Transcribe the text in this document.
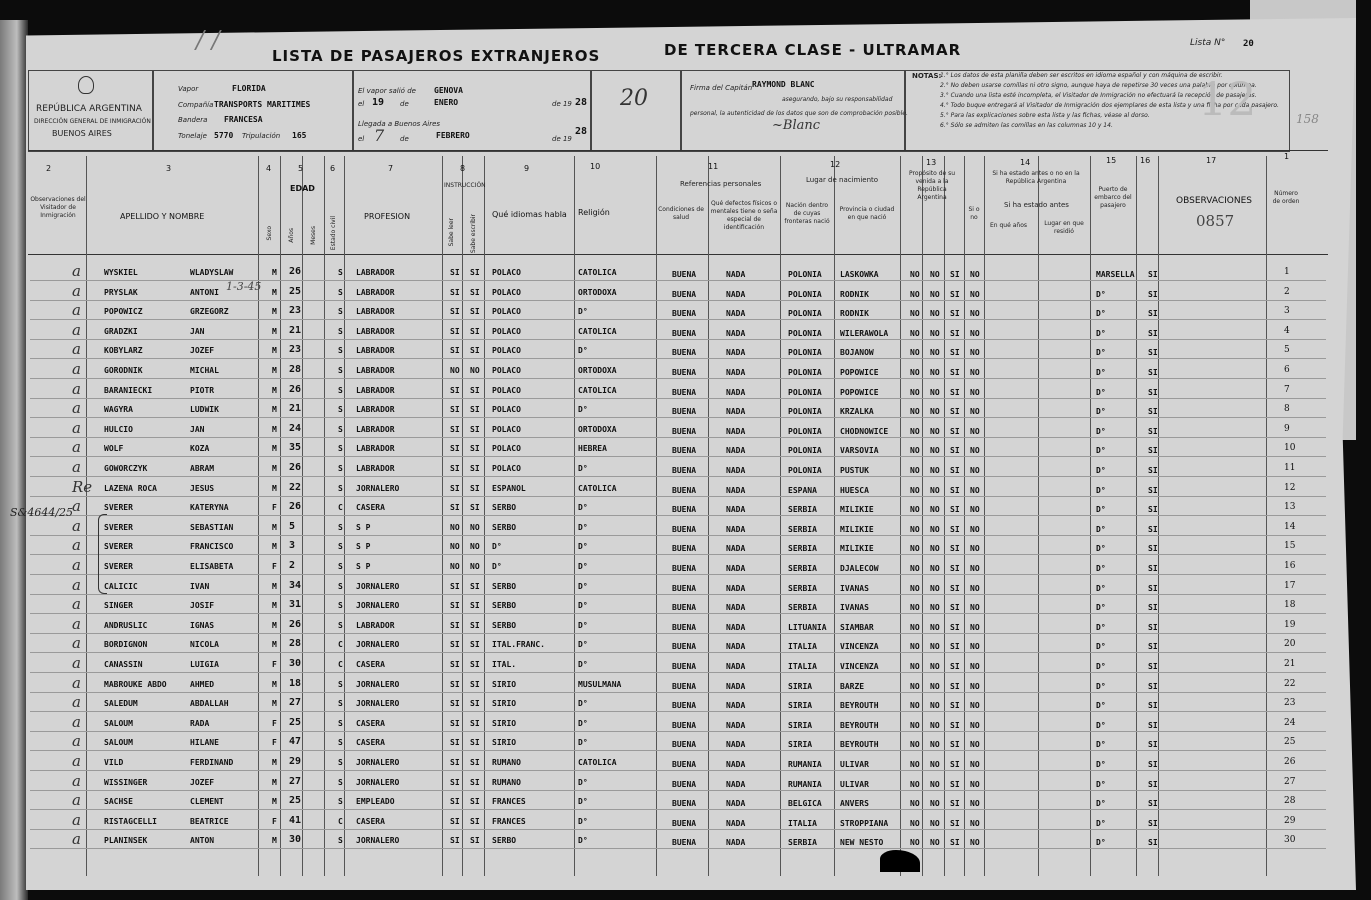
LISTA DE PASAJEROS EXTRANJEROS	DE TERCERA CLASE - ULTRAMAR	Lista N° 20
/ /
REPÚBLICA ARGENTINA
DIRECCIÓN GENERAL DE INMIGRACIÓN
BUENOS AIRES
Vapor	FLORIDA
Compañía TRANSPORTS MARITIMES
Bandera FRANCESA
Tonelaje 5770 Tripulación 165
El vapor salió de GENOVA
el 19 de	ENERO	de 19 28
Llegada a Buenos Aires
el 7 de	FEBRERO	de 19
28
20	Firma del Capitán RAYMOND BLANC
asegurando, bajo su responsabilidad
personal, la autenticidad de los datos que son de comprobación posible.
~Blanc
NOTAS:
1.° Los datos de esta planilla deben ser escritos en idioma español y con máquina de escribir.
2.° No deben usarse comillas ni otro signo, aunque haya de repetirse 30 veces una palabra por columna.
3.° Cuando una lista esté incompleta, el Visitador de Inmigración no efectuará la recepción de pasajeros.
4.° Todo buque entregará al Visitador de Inmigración dos ejemplares de esta lista y una ficha por cada pasajero.
5.° Para las explicaciones sobre esta lista y las fichas, véase al dorso.
6.° Sólo se admiten las comillas en las columnas 10 y 14. 12	158
2	3	4	5	6	7	8	9	10	11	12	13	14	15	16	17	1
Observaciones del Visitador de Inmigración	APELLIDO Y NOMBRE
Sexo
EDAD
Años	Meses Estado civil	PROFESION
INSTRUCCIÓN
Sabe leer	Sabe escribir Qué idiomas habla Religión
Referencias personales
Condiciones de salud
Qué defectos físicos o mentales tiene o seña especial de identificación
Lugar de nacimiento
Nación dentro de cuyas fronteras nació
Provincia o ciudad en que nació
Propósito de su venida a la República Argentina
Si ha estado antes o no en la República Argentina
Si ha estado antes
Si o no
En qué años	Lugar en que residió
Puerto de embarco del pasajero	OBSERVACIONES
0857
Número de orden
a	WYSKIEL	WLADYSLAW	M 26	S LABRADOR	SI SI POLACO	CATOLICA	BUENA	NADA	POLONIA LASKOWKA	NO NO SI NO	MARSELLA SI	1
a	PRYSLAK	ANTONI	M 25	S LABRADOR	SI SI POLACO	ORTODOXA	BUENA	NADA	POLONIA RODNIK	NO NO SI NO	D°	SI	2
a	POPOWICZ	GRZEGORZ	M 23	S LABRADOR	SI SI POLACO	D°	BUENA	NADA	POLONIA RODNIK	NO NO SI NO	D°	SI	3
a	GRADZKI	JAN	M 21	S LABRADOR	SI SI POLACO	CATOLICA	BUENA	NADA	POLONIA WILERAWOLA	NO NO SI NO	D°	SI	4
a	KOBYLARZ	JOZEF	M 23	S LABRADOR	SI SI POLACO	D°	BUENA	NADA	POLONIA BOJANOW	NO NO SI NO	D°	SI	5
a	GORODNIK	MICHAL	M 28	S LABRADOR	NO NO POLACO	ORTODOXA	BUENA	NADA	POLONIA POPOWICE	NO NO SI NO	D°	SI	6
a	BARANIECKI	PIOTR	M 26	S LABRADOR	SI SI POLACO	CATOLICA	BUENA	NADA	POLONIA POPOWICE	NO NO SI NO	D°	SI	7
a	WAGYRA	LUDWIK	M 21	S LABRADOR	SI SI POLACO	D°	BUENA	NADA	POLONIA KRZALKA	NO NO SI NO	D°	SI	8
a	HULCIO	JAN	M 24	S LABRADOR	SI SI POLACO	ORTODOXA	BUENA	NADA	POLONIA CHODNOWICE	NO NO SI NO	D°	SI	9
a	WOLF	KOZA	M 35	S LABRADOR	SI SI POLACO	HEBREA	BUENA	NADA	POLONIA VARSOVIA	NO NO SI NO	D°	SI	10
a	GOWORCZYK	ABRAM	M 26	S LABRADOR	SI SI POLACO	D°	BUENA	NADA	POLONIA PUSTUK	NO NO SI NO	D°	SI	11
Re LAZENA ROCA	JESUS	M 22	S JORNALERO	SI SI ESPANOL	CATOLICA	BUENA	NADA	ESPANA	HUESCA	NO NO SI NO	D°	SI	12
a	SVERER	KATERYNA	F 26	C CASERA	SI SI SERBO	D°	BUENA	NADA	SERBIA	MILIKIE	NO NO SI NO	D°	SI	13
a	SVERER	SEBASTIAN	M 5	S S P	NO NO SERBO	D°	BUENA	NADA	SERBIA	MILIKIE	NO NO SI NO	D°	SI	14
a	SVERER	FRANCISCO	M 3	S S P	NO NO D°	D°	BUENA	NADA	SERBIA	MILIKIE	NO NO SI NO	D°	SI	15
a	SVERER	ELISABETA	F 2	S S P	NO NO D°	D°	BUENA	NADA	SERBIA	DJALECOW	NO NO SI NO	D°	SI	16
a	CALICIC	IVAN	M 34	S JORNALERO	SI SI SERBO	D°	BUENA	NADA	SERBIA	IVANAS	NO NO SI NO	D°	SI	17
a	SINGER	JOSIF	M 31	S JORNALERO	SI SI SERBO	D°	BUENA	NADA	SERBIA	IVANAS	NO NO SI NO	D°	SI	18
a	ANDRUSLIC	IGNAS	M 26	S LABRADOR	SI SI SERBO	D°	BUENA	NADA	LITUANIA SIAMBAR	NO NO SI NO	D°	SI	19
a	BORDIGNON	NICOLA	M 28	C JORNALERO	SI SI ITAL.FRANC.	D°	BUENA	NADA	ITALIA	VINCENZA	NO NO SI NO	D°	SI	20
a	CANASSIN	LUIGIA	F 30	C CASERA	SI SI ITAL.	D°	BUENA	NADA	ITALIA	VINCENZA	NO NO SI NO	D°	SI	21
a	MABROUKE ABDO	AHMED	M 18	S JORNALERO	SI SI SIRIO	MUSULMANA	BUENA	NADA	SIRIA	BARZE	NO NO SI NO	D°	SI	22
a	SALEDUM	ABDALLAH	M 27	S JORNALERO	SI SI SIRIO	D°	BUENA	NADA	SIRIA	BEYROUTH	NO NO SI NO	D°	SI	23
a	SALOUM	RADA	F 25	S CASERA	SI SI SIRIO	D°	BUENA	NADA	SIRIA	BEYROUTH	NO NO SI NO	D°	SI	24
a	SALOUM	HILANE	F 47	S CASERA	SI SI SIRIO	D°	BUENA	NADA	SIRIA	BEYROUTH	NO NO SI NO	D°	SI	25
a	VILD	FERDINAND	M 29	S JORNALERO	SI SI RUMANO	CATOLICA	BUENA	NADA	RUMANIA ULIVAR	NO NO SI NO	D°	SI	26
a	WISSINGER	JOZEF	M 27	S JORNALERO	SI SI RUMANO	D°	BUENA	NADA	RUMANIA ULIVAR	NO NO SI NO	D°	SI	27
a	SACHSE	CLEMENT	M 25	S EMPLEADO	SI SI FRANCES	D°	BUENA	NADA	BELGICA ANVERS	NO NO SI NO	D°	SI	28
a	RISTAGCELLI	BEATRICE	F 41	C CASERA	SI SI FRANCES	D°	BUENA	NADA	ITALIA	STROPPIANA	NO NO SI NO	D°	SI	29
a	PLANINSEK	ANTON	M 30	S JORNALERO	SI SI SERBO	D°	BUENA	NADA	SERBIA	NEW NESTO	NO NO SI NO	D°	SI	30
S&4644/25
1-3-45
